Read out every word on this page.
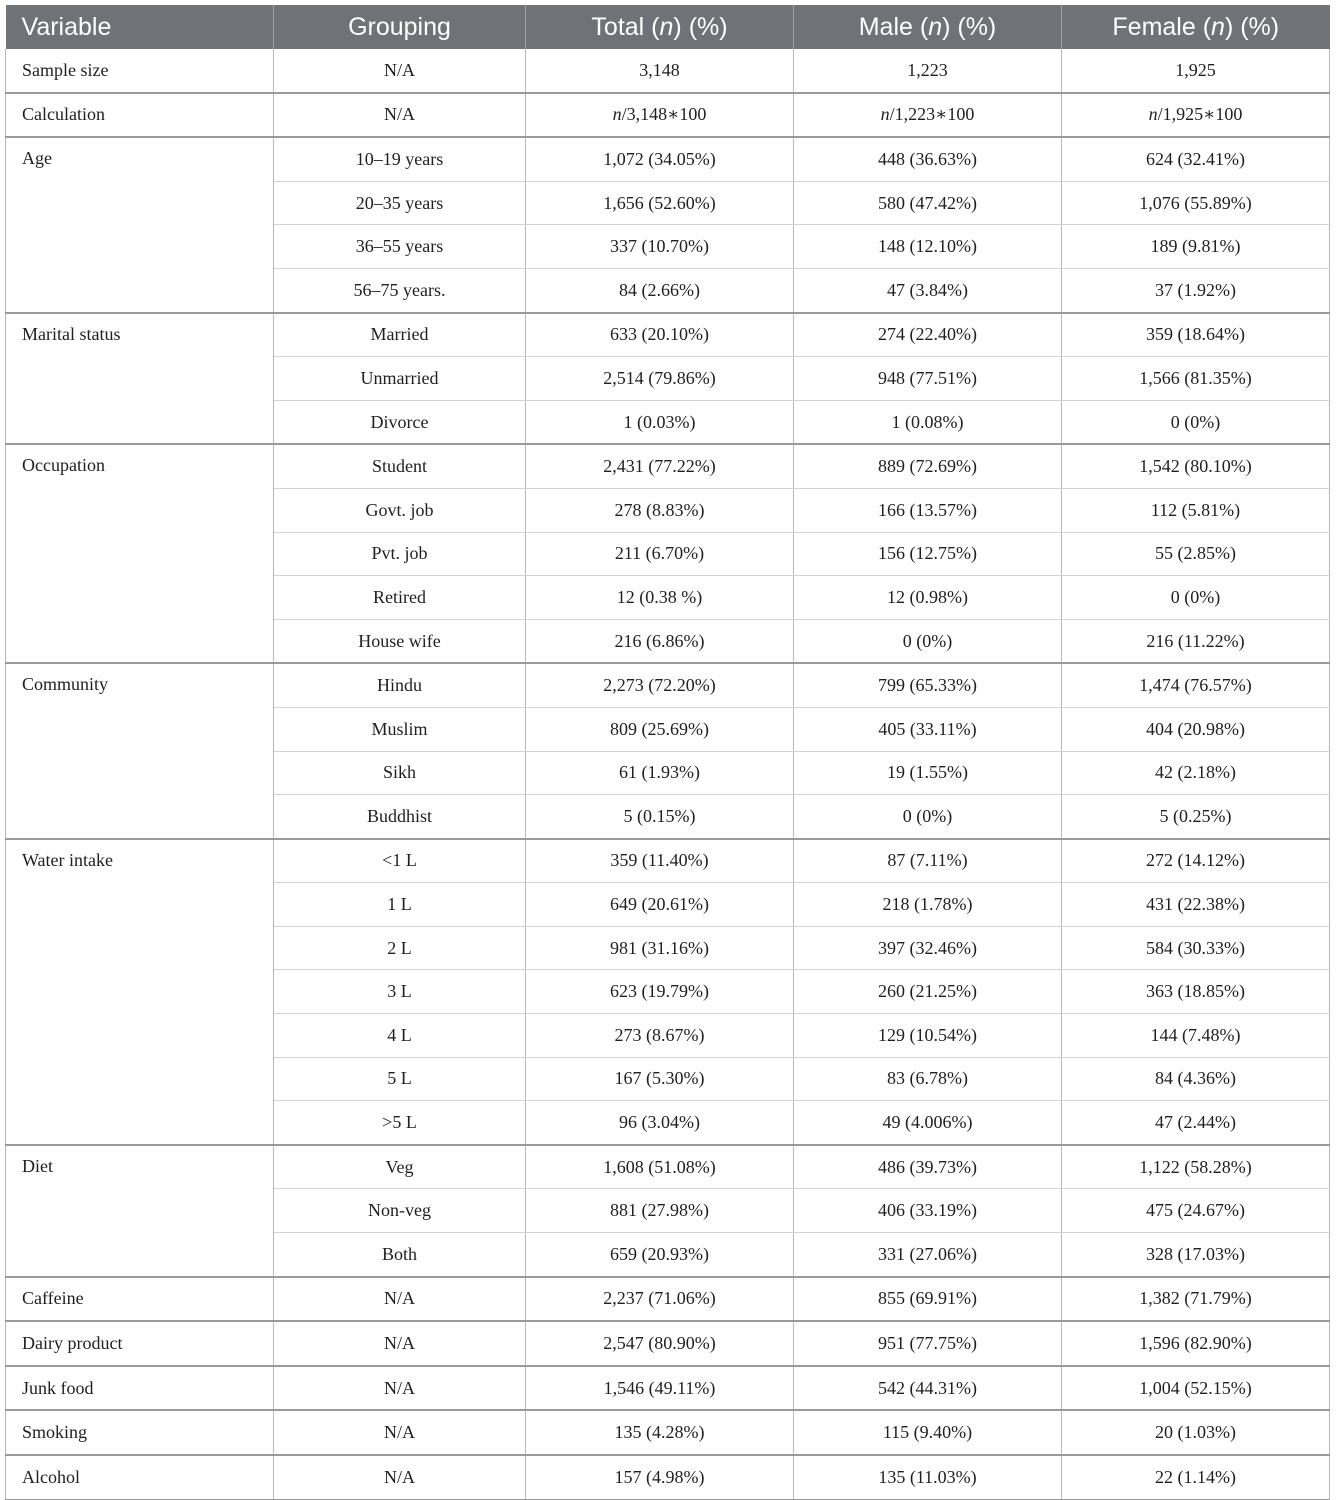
Variable	Grouping	Total (n) (%)	Male (n) (%)	Female (n) (%)
Sample size	N/A	3,148	1,223	1,925
Calculation	N/A	n/3,148∗100	n/1,223∗100	n/1,925∗100
Age	10–19 years	1,072 (34.05%)	448 (36.63%)	624 (32.41%)
	20–35 years	1,656 (52.60%)	580 (47.42%)	1,076 (55.89%)
	36–55 years	337 (10.70%)	148 (12.10%)	189 (9.81%)
	56–75 years.	84 (2.66%)	47 (3.84%)	37 (1.92%)
Marital status	Married	633 (20.10%)	274 (22.40%)	359 (18.64%)
	Unmarried	2,514 (79.86%)	948 (77.51%)	1,566 (81.35%)
	Divorce	1 (0.03%)	1 (0.08%)	0 (0%)
Occupation	Student	2,431 (77.22%)	889 (72.69%)	1,542 (80.10%)
	Govt. job	278 (8.83%)	166 (13.57%)	112 (5.81%)
	Pvt. job	211 (6.70%)	156 (12.75%)	55 (2.85%)
	Retired	12 (0.38 %)	12 (0.98%)	0 (0%)
	House wife	216 (6.86%)	0 (0%)	216 (11.22%)
Community	Hindu	2,273 (72.20%)	799 (65.33%)	1,474 (76.57%)
	Muslim	809 (25.69%)	405 (33.11%)	404 (20.98%)
	Sikh	61 (1.93%)	19 (1.55%)	42 (2.18%)
	Buddhist	5 (0.15%)	0 (0%)	5 (0.25%)
Water intake	<1 L	359 (11.40%)	87 (7.11%)	272 (14.12%)
	1 L	649 (20.61%)	218 (1.78%)	431 (22.38%)
	2 L	981 (31.16%)	397 (32.46%)	584 (30.33%)
	3 L	623 (19.79%)	260 (21.25%)	363 (18.85%)
	4 L	273 (8.67%)	129 (10.54%)	144 (7.48%)
	5 L	167 (5.30%)	83 (6.78%)	84 (4.36%)
	>5 L	96 (3.04%)	49 (4.006%)	47 (2.44%)
Diet	Veg	1,608 (51.08%)	486 (39.73%)	1,122 (58.28%)
	Non-veg	881 (27.98%)	406 (33.19%)	475 (24.67%)
	Both	659 (20.93%)	331 (27.06%)	328 (17.03%)
Caffeine	N/A	2,237 (71.06%)	855 (69.91%)	1,382 (71.79%)
Dairy product	N/A	2,547 (80.90%)	951 (77.75%)	1,596 (82.90%)
Junk food	N/A	1,546 (49.11%)	542 (44.31%)	1,004 (52.15%)
Smoking	N/A	135 (4.28%)	115 (9.40%)	20 (1.03%)
Alcohol	N/A	157 (4.98%)	135 (11.03%)	22 (1.14%)
